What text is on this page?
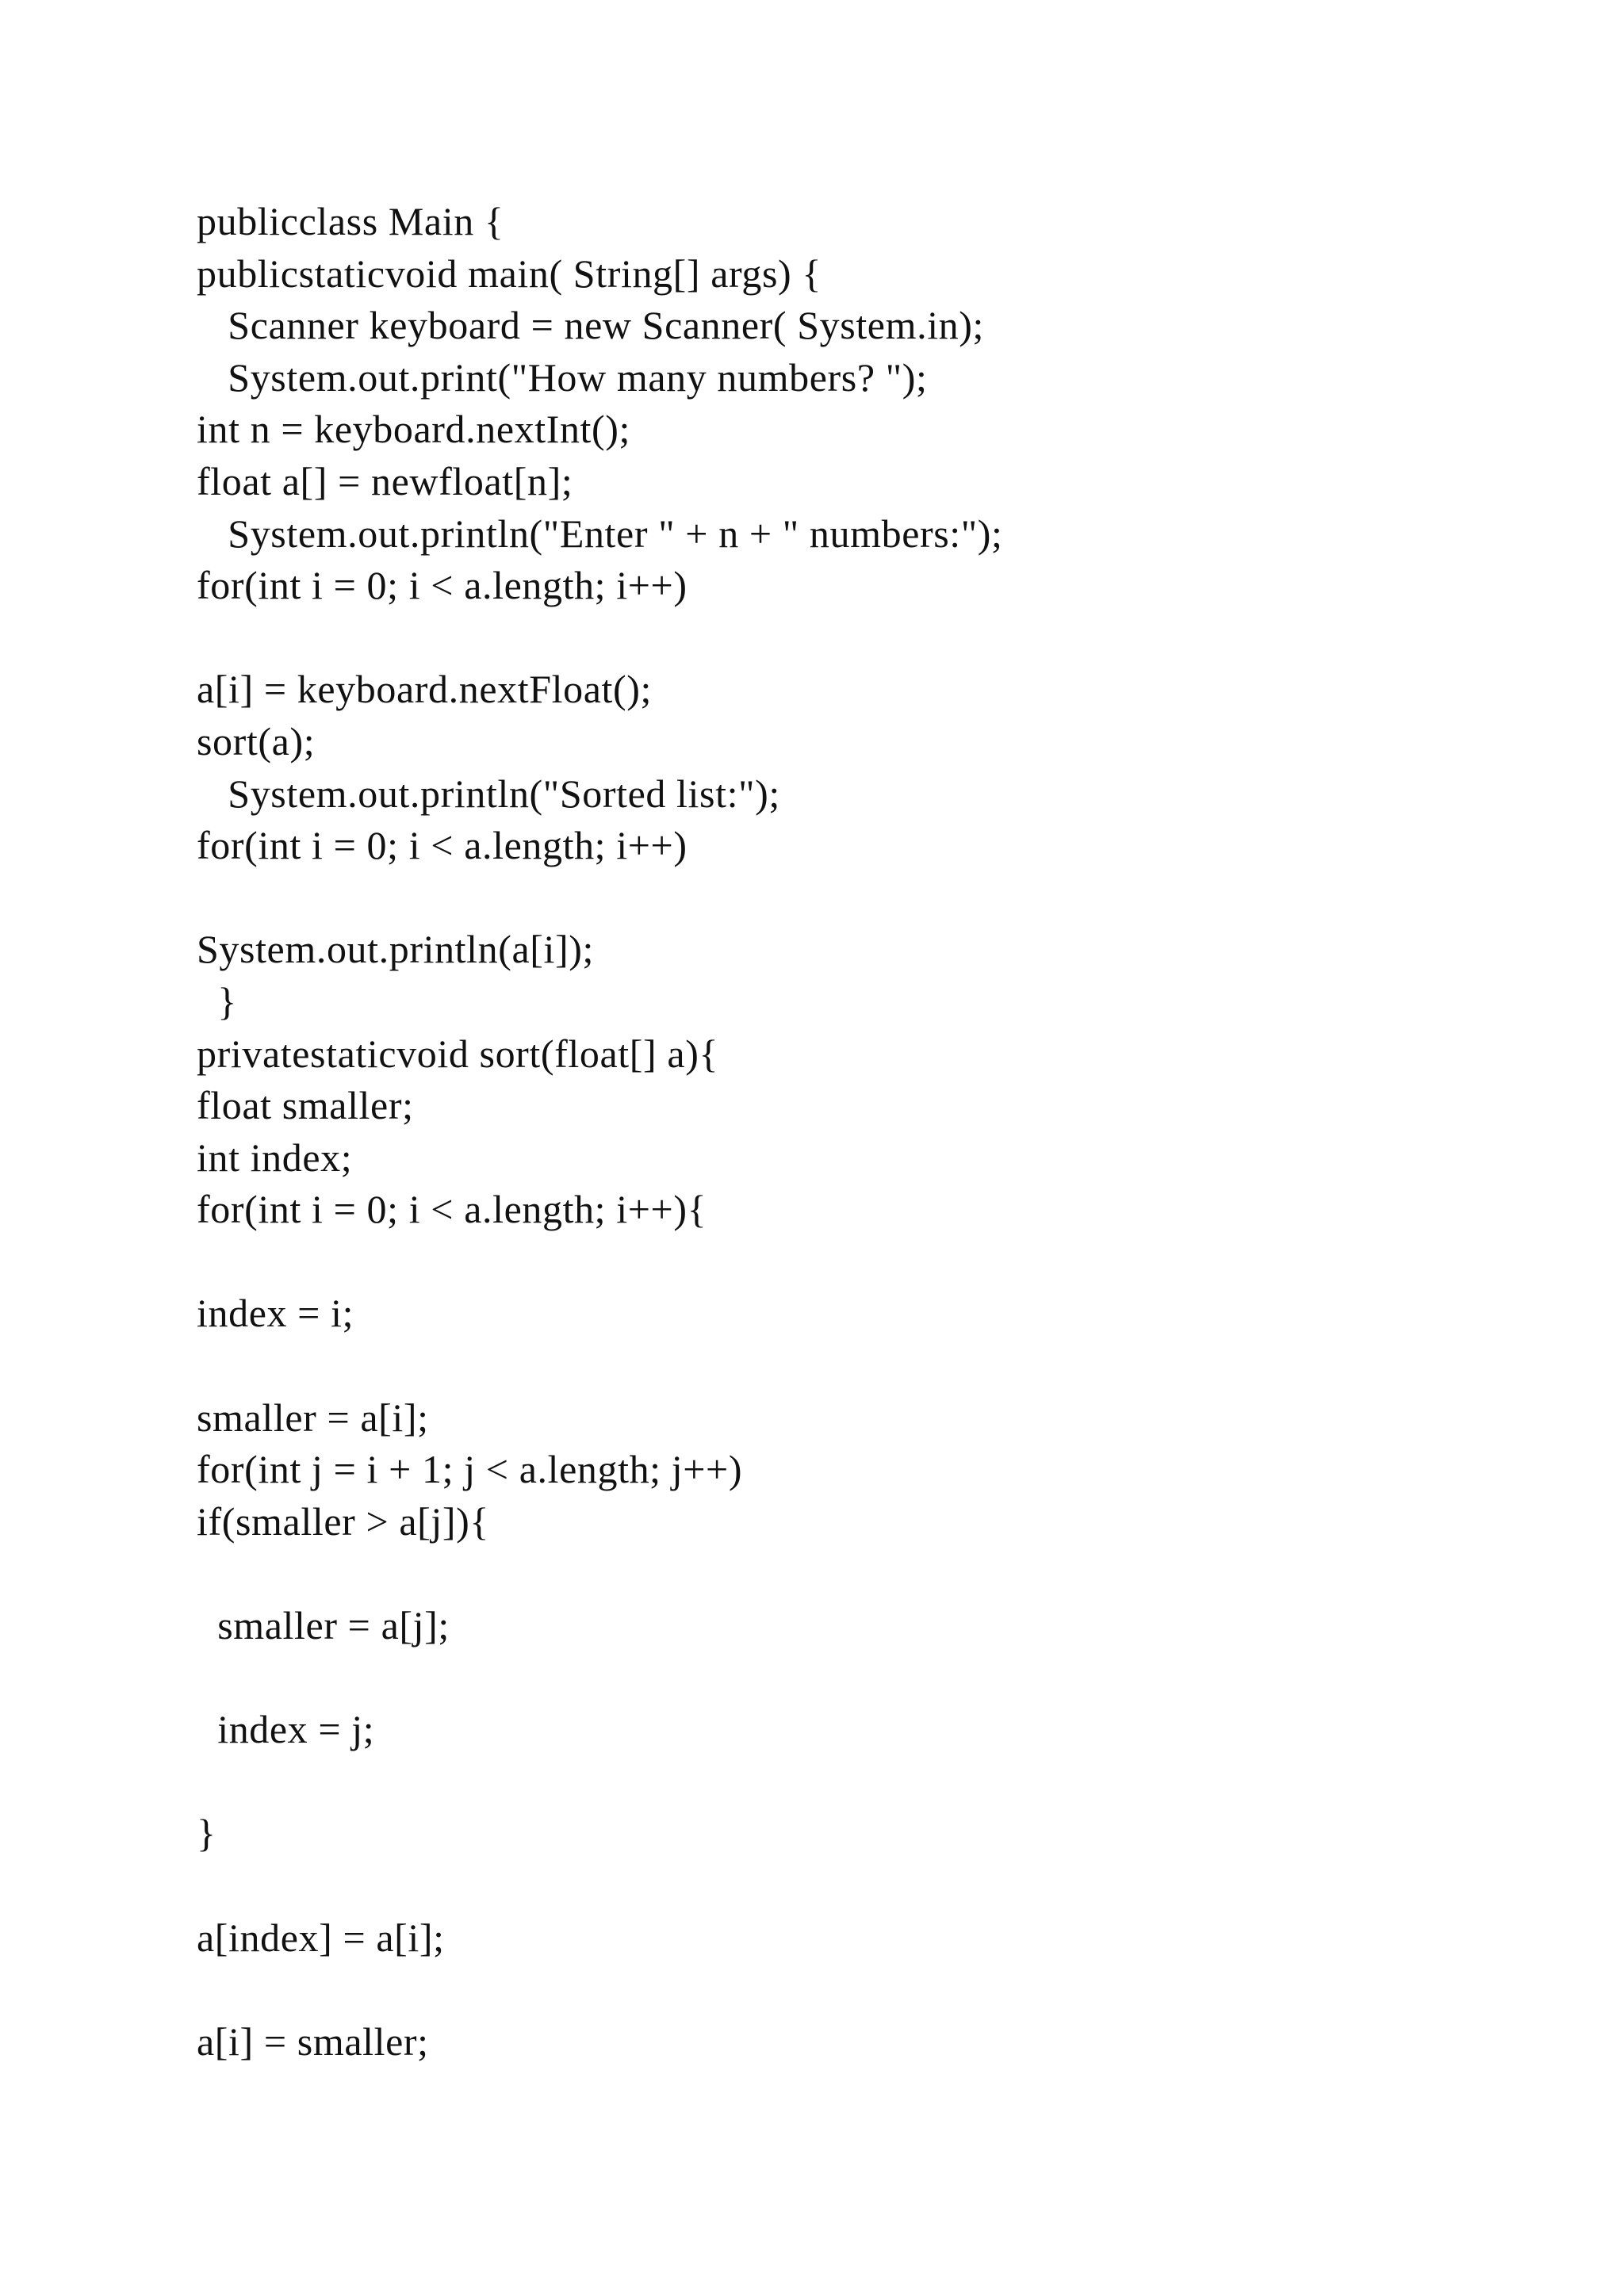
publicclass Main {
publicstaticvoid main( String[] args) {
Scanner keyboard = new Scanner( System.in);
System.out.print("How many numbers? ");
int n = keyboard.nextInt();
float a[] = newfloat[n];
System.out.println("Enter " + n + " numbers:");
for(int i = 0; i < a.length; i++)
a[i] = keyboard.nextFloat();
sort(a);
System.out.println("Sorted list:");
for(int i = 0; i < a.length; i++)
System.out.println(a[i]);
}
privatestaticvoid sort(float[] a){
float smaller;
int index;
for(int i = 0; i < a.length; i++){
index = i;
smaller = a[i];
for(int j = i + 1; j < a.length; j++)
if(smaller > a[j]){
smaller = a[j];
index = j;
}
a[index] = a[i];
a[i] = smaller;
